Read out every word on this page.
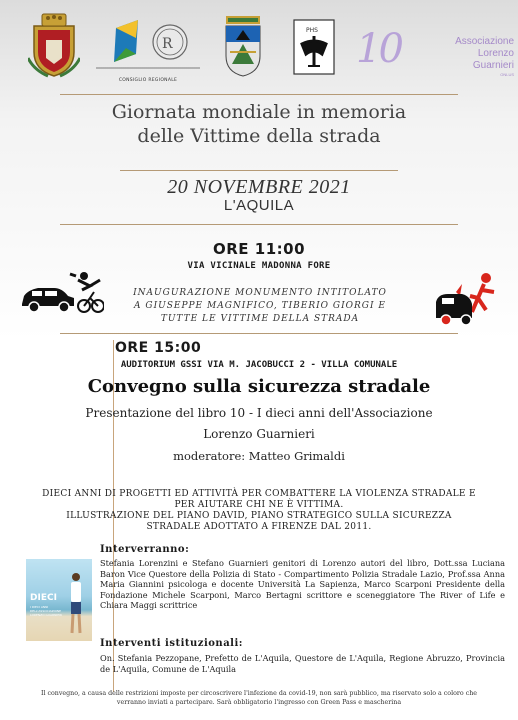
R
CONSIGLIO REGIONALE
PHS 10	Associazione
Lorenzo
Guarnieri
ONLUS
Giornata mondiale in memoria
delle Vittime della strada
20 NOVEMBRE 2021
L'AQUILA
ORE 11:00
VIA VICINALE MADONNA FORE
INAUGURAZIONE MONUMENTO INTITOLATO
A GIUSEPPE MAGNIFICO, TIBERIO GIORGI E
TUTTE LE VITTIME DELLA STRADA
ORE 15:00
AUDITORIUM GSSI VIA M. JACOBUCCI 2 - VILLA COMUNALE
Convegno sulla sicurezza stradale
Presentazione del libro 10 - I dieci anni dell'Associazione
Lorenzo Guarnieri
moderatore: Matteo Grimaldi
DIECI ANNI DI PROGETTI ED ATTIVITÀ PER COMBATTERE LA VIOLENZA STRADALE E
PER AIUTARE CHI NE È VITTIMA.
ILLUSTRAZIONE DEL PIANO DAVID, PIANO STRATEGICO SULLA SICUREZZA
STRADALE ADOTTATO A FIRENZE DAL 2011.
Interverranno:
DIECI
I DIECI ANNI DELL'ASSOCIAZIONE LORENZO GUARNIERI
Stefania Lorenzini e Stefano Guarnieri genitori di Lorenzo autori del libro, Dott.ssa Luciana Baron Vice Questore della Polizia di Stato - Compartimento Polizia Stradale Lazio, Prof.ssa Anna Maria Giannini psicologa e docente Università La Sapienza, Marco Scarponi Presidente della Fondazione Michele Scarponi, Marco Bertagni scrittore e sceneggiatore The River of Life e Chiara Maggi scrittrice
Interventi istituzionali:
On. Stefania Pezzopane, Prefetto de L'Aquila, Questore de L'Aquila, Regione Abruzzo, Provincia de L'Aquila, Comune de L'Aquila
Il convegno, a causa delle restrizioni imposte per circoscrivere l'infezione da covid-19, non sarà pubblico, ma riservato solo a coloro che
verranno inviati a partecipare. Sarà obbligatorio l'ingresso con Green Pass e mascherina
